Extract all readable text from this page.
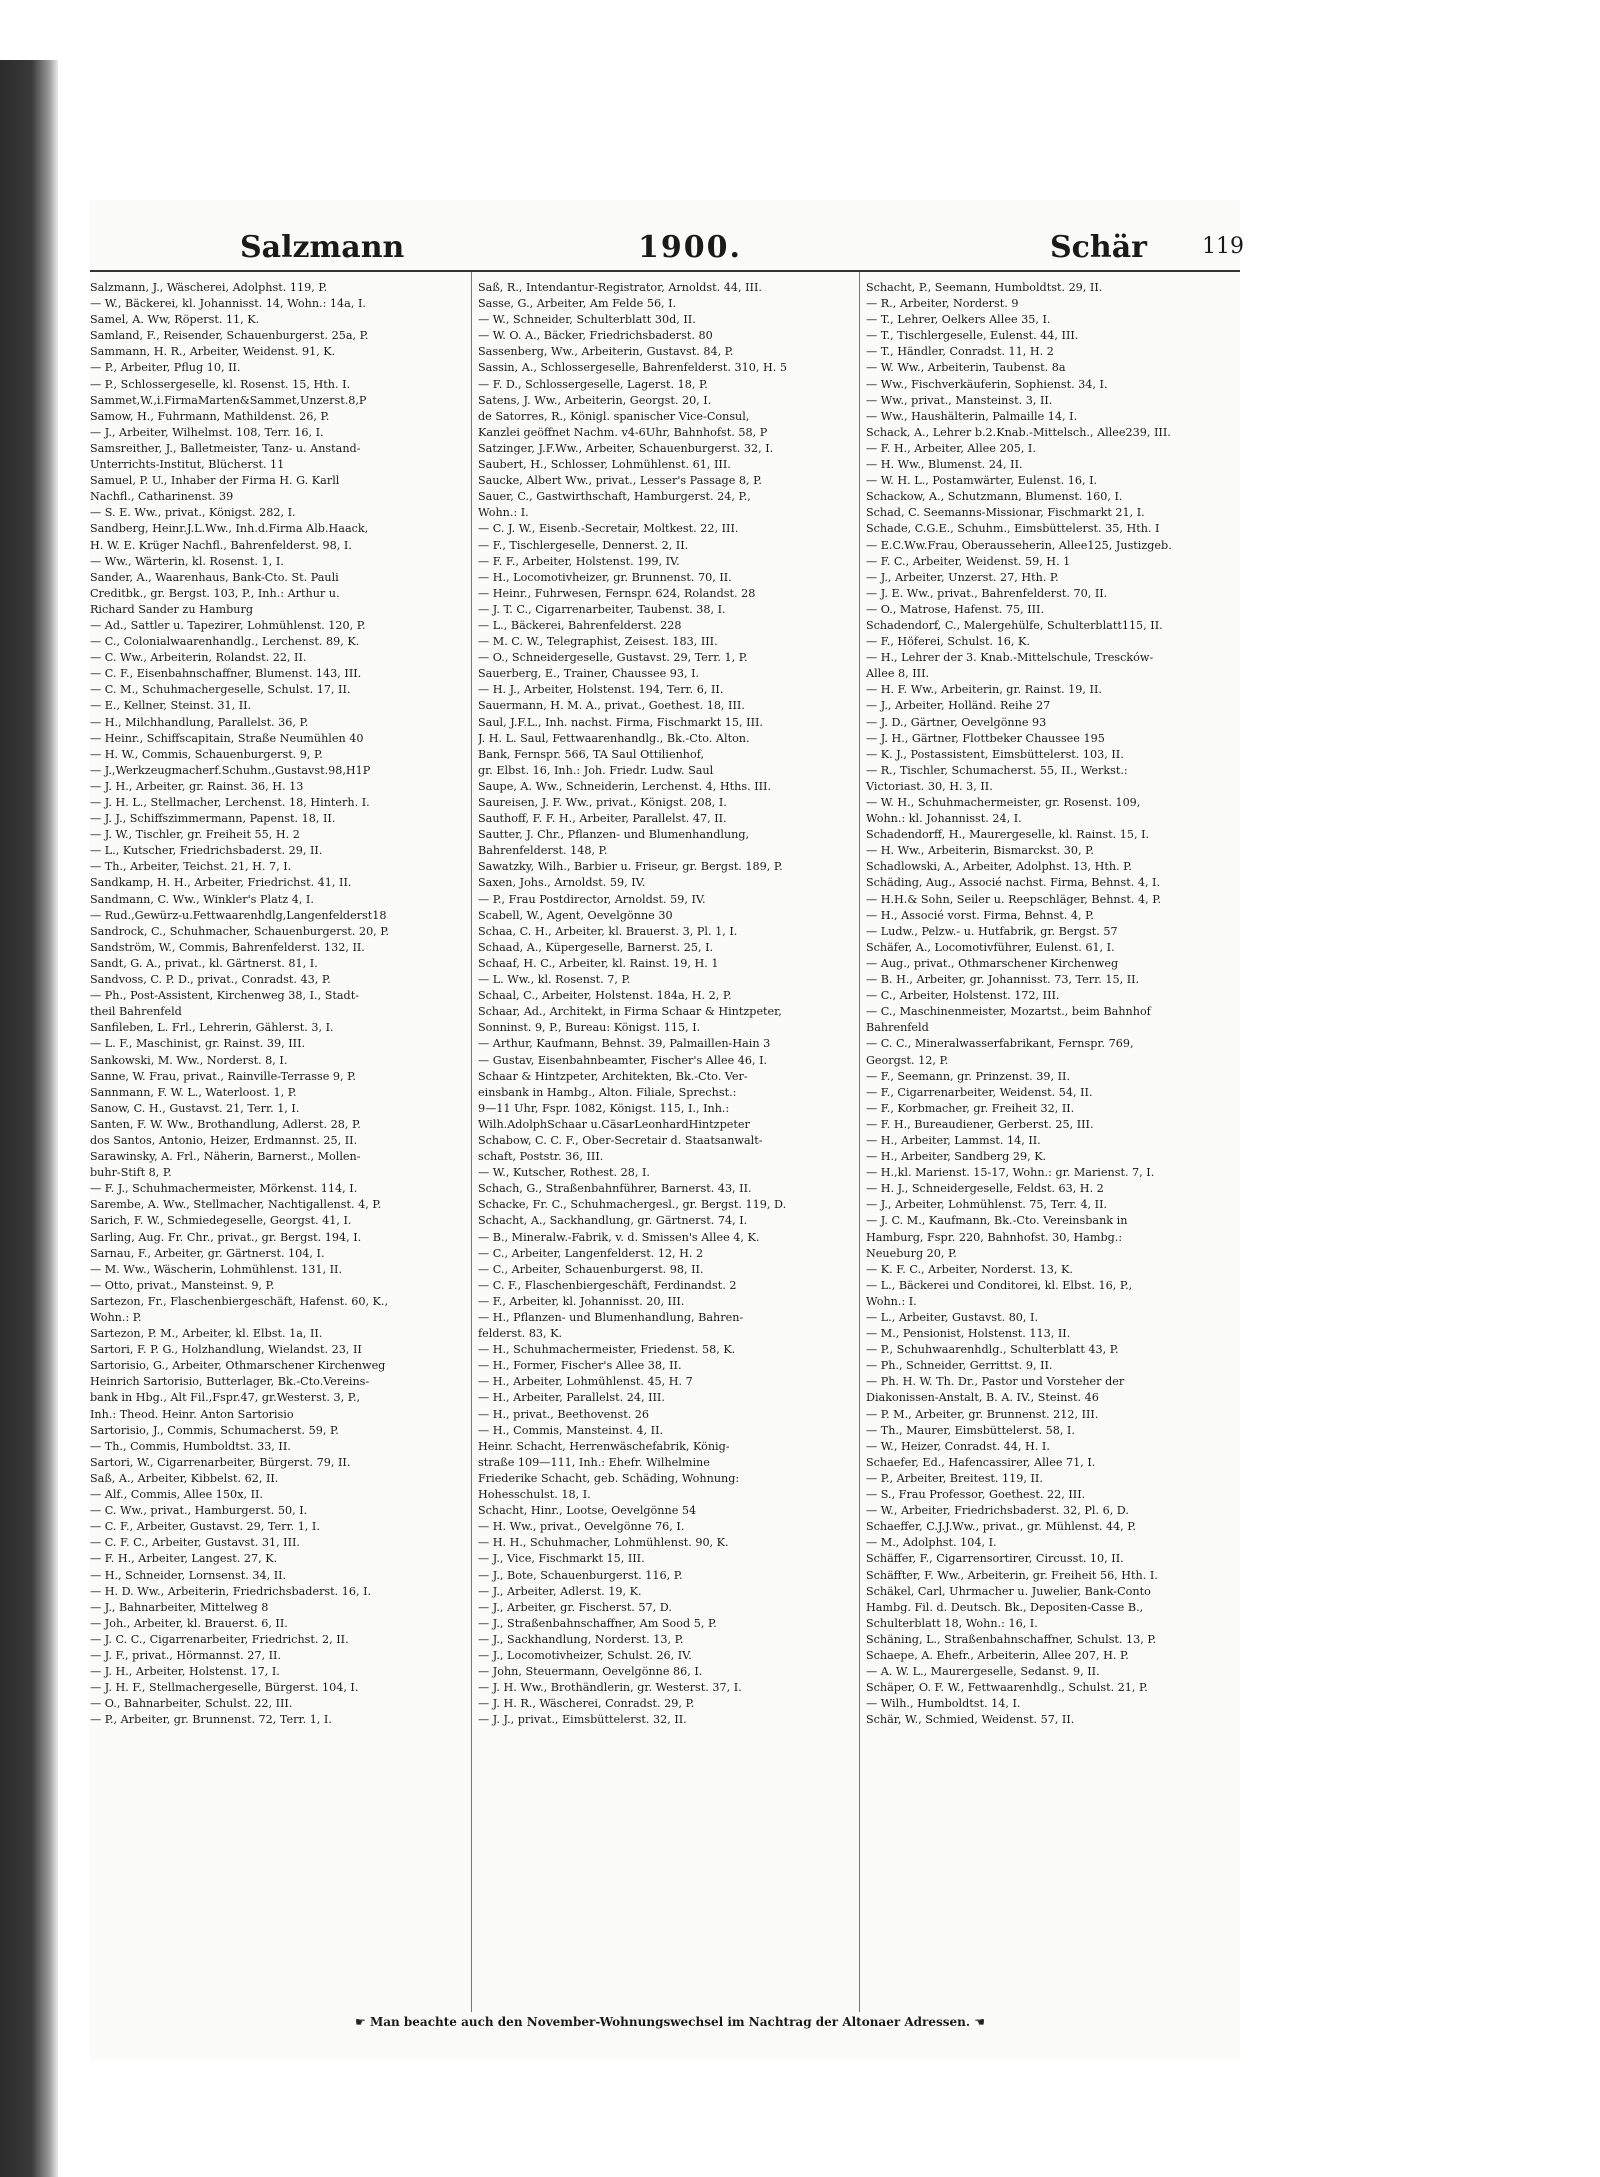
Salzmann	1900.	Schär	119
Salzmann, J., Wäscherei, Adolphst. 119, P.
— W., Bäckerei, kl. Johannisst. 14, Wohn.: 14a, I.
Samel, A. Ww, Röperst. 11, K.
Samland, F., Reisender, Schauenburgerst. 25a, P.
Sammann, H. R., Arbeiter, Weidenst. 91, K.
— P., Arbeiter, Pflug 10, II.
— P., Schlossergeselle, kl. Rosenst. 15, Hth. I.
Sammet,W.,i.FirmaMarten&Sammet,Unzerst.8,P
Samow, H., Fuhrmann, Mathildenst. 26, P.
— J., Arbeiter, Wilhelmst. 108, Terr. 16, I.
Samsreither, J., Balletmeister, Tanz- u. Anstand-
Unterrichts-Institut, Blücherst. 11
Samuel, P. U., Inhaber der Firma H. G. Karll
Nachfl., Catharinenst. 39
— S. E. Ww., privat., Königst. 282, I.
Sandberg, Heinr.J.L.Ww., Inh.d.Firma Alb.Haack,
H. W. E. Krüger Nachfl., Bahrenfelderst. 98, I.
— Ww., Wärterin, kl. Rosenst. 1, I.
Sander, A., Waarenhaus, Bank-Cto. St. Pauli
Creditbk., gr. Bergst. 103, P., Inh.: Arthur u.
Richard Sander zu Hamburg
— Ad., Sattler u. Tapezirer, Lohmühlenst. 120, P.
— C., Colonialwaarenhandlg., Lerchenst. 89, K.
— C. Ww., Arbeiterin, Rolandst. 22, II.
— C. F., Eisenbahnschaffner, Blumenst. 143, III.
— C. M., Schuhmachergeselle, Schulst. 17, II.
— E., Kellner, Steinst. 31, II.
— H., Milchhandlung, Parallelst. 36, P.
— Heinr., Schiffscapitain, Straße Neumühlen 40
— H. W., Commis, Schauenburgerst. 9, P.
— J.,Werkzeugmacherf.Schuhm.,Gustavst.98,H1P
— J. H., Arbeiter, gr. Rainst. 36, H. 13
— J. H. L., Stellmacher, Lerchenst. 18, Hinterh. I.
— J. J., Schiffszimmermann, Papenst. 18, II.
— J. W., Tischler, gr. Freiheit 55, H. 2
— L., Kutscher, Friedrichsbaderst. 29, II.
— Th., Arbeiter, Teichst. 21, H. 7, I.
Sandkamp, H. H., Arbeiter, Friedrichst. 41, II.
Sandmann, C. Ww., Winkler's Platz 4, I.
— Rud.,Gewürz-u.Fettwaarenhdlg,Langenfelderst18
Sandrock, C., Schuhmacher, Schauenburgerst. 20, P.
Sandström, W., Commis, Bahrenfelderst. 132, II.
Sandt, G. A., privat., kl. Gärtnerst. 81, I.
Sandvoss, C. P. D., privat., Conradst. 43, P.
— Ph., Post-Assistent, Kirchenweg 38, I., Stadt-
theil Bahrenfeld
Sanfileben, L. Frl., Lehrerin, Gählerst. 3, I.
— L. F., Maschinist, gr. Rainst. 39, III.
Sankowski, M. Ww., Norderst. 8, I.
Sanne, W. Frau, privat., Rainville-Terrasse 9, P.
Sannmann, F. W. L., Waterloost. 1, P.
Sanow, C. H., Gustavst. 21, Terr. 1, I.
Santen, F. W. Ww., Brothandlung, Adlerst. 28, P.
dos Santos, Antonio, Heizer, Erdmannst. 25, II.
Sarawinsky, A. Frl., Näherin, Barnerst., Mollen-
buhr-Stift 8, P.
— F. J., Schuhmachermeister, Mörkenst. 114, I.
Sarembe, A. Ww., Stellmacher, Nachtigallenst. 4, P.
Sarich, F. W., Schmiedegeselle, Georgst. 41, I.
Sarling, Aug. Fr. Chr., privat., gr. Bergst. 194, I.
Sarnau, F., Arbeiter, gr. Gärtnerst. 104, I.
— M. Ww., Wäscherin, Lohmühlenst. 131, II.
— Otto, privat., Mansteinst. 9, P.
Sartezon, Fr., Flaschenbiergeschäft, Hafenst. 60, K.,
Wohn.: P.
Sartezon, P. M., Arbeiter, kl. Elbst. 1a, II.
Sartori, F. P. G., Holzhandlung, Wielandst. 23, II
Sartorisio, G., Arbeiter, Othmarschener Kirchenweg
Heinrich Sartorisio, Butterlager, Bk.-Cto.Vereins-
bank in Hbg., Alt Fil.,Fspr.47, gr.Westerst. 3, P.,
Inh.: Theod. Heinr. Anton Sartorisio
Sartorisio, J., Commis, Schumacherst. 59, P.
— Th., Commis, Humboldtst. 33, II.
Sartori, W., Cigarrenarbeiter, Bürgerst. 79, II.
Saß, A., Arbeiter, Kibbelst. 62, II.
— Alf., Commis, Allee 150x, II.
— C. Ww., privat., Hamburgerst. 50, I.
— C. F., Arbeiter, Gustavst. 29, Terr. 1, I.
— C. F. C., Arbeiter, Gustavst. 31, III.
— F. H., Arbeiter, Langest. 27, K.
— H., Schneider, Lornsenst. 34, II.
— H. D. Ww., Arbeiterin, Friedrichsbaderst. 16, I.
— J., Bahnarbeiter, Mittelweg 8
— Joh., Arbeiter, kl. Brauerst. 6, II.
— J. C. C., Cigarrenarbeiter, Friedrichst. 2, II.
— J. F., privat., Hörmannst. 27, II.
— J. H., Arbeiter, Holstenst. 17, I.
— J. H. F., Stellmachergeselle, Bürgerst. 104, I.
— O., Bahnarbeiter, Schulst. 22, III.
— P., Arbeiter, gr. Brunnenst. 72, Terr. 1, I.
Saß, R., Intendantur-Registrator, Arnoldst. 44, III.
Sasse, G., Arbeiter, Am Felde 56, I.
— W., Schneider, Schulterblatt 30d, II.
— W. O. A., Bäcker, Friedrichsbaderst. 80
Sassenberg, Ww., Arbeiterin, Gustavst. 84, P.
Sassin, A., Schlossergeselle, Bahrenfelderst. 310, H. 5
— F. D., Schlossergeselle, Lagerst. 18, P.
Satens, J. Ww., Arbeiterin, Georgst. 20, I.
de Satorres, R., Königl. spanischer Vice-Consul,
Kanzlei geöffnet Nachm. v4-6Uhr, Bahnhofst. 58, P
Satzinger, J.F.Ww., Arbeiter, Schauenburgerst. 32, I.
Saubert, H., Schlosser, Lohmühlenst. 61, III.
Saucke, Albert Ww., privat., Lesser's Passage 8, P.
Sauer, C., Gastwirthschaft, Hamburgerst. 24, P.,
Wohn.: I.
— C. J. W., Eisenb.-Secretair, Moltkest. 22, III.
— F., Tischlergeselle, Dennerst. 2, II.
— F. F., Arbeiter, Holstenst. 199, IV.
— H., Locomotivheizer, gr. Brunnenst. 70, II.
— Heinr., Fuhrwesen, Fernspr. 624, Rolandst. 28
— J. T. C., Cigarrenarbeiter, Taubenst. 38, I.
— L., Bäckerei, Bahrenfelderst. 228
— M. C. W., Telegraphist, Zeisest. 183, III.
— O., Schneidergeselle, Gustavst. 29, Terr. 1, P.
Sauerberg, E., Trainer, Chaussee 93, I.
— H. J., Arbeiter, Holstenst. 194, Terr. 6, II.
Sauermann, H. M. A., privat., Goethest. 18, III.
Saul, J.F.L., Inh. nachst. Firma, Fischmarkt 15, III.
J. H. L. Saul, Fettwaarenhandlg., Bk.-Cto. Alton.
Bank, Fernspr. 566, TA Saul Ottilienhof,
gr. Elbst. 16, Inh.: Joh. Friedr. Ludw. Saul
Saupe, A. Ww., Schneiderin, Lerchenst. 4, Hths. III.
Saureisen, J. F. Ww., privat., Königst. 208, I.
Sauthoff, F. F. H., Arbeiter, Parallelst. 47, II.
Sautter, J. Chr., Pflanzen- und Blumenhandlung,
Bahrenfelderst. 148, P.
Sawatzky, Wilh., Barbier u. Friseur, gr. Bergst. 189, P.
Saxen, Johs., Arnoldst. 59, IV.
— P., Frau Postdirector, Arnoldst. 59, IV.
Scabell, W., Agent, Oevelgönne 30
Schaa, C. H., Arbeiter, kl. Brauerst. 3, Pl. 1, I.
Schaad, A., Küpergeselle, Barnerst. 25, I.
Schaaf, H. C., Arbeiter, kl. Rainst. 19, H. 1
— L. Ww., kl. Rosenst. 7, P.
Schaal, C., Arbeiter, Holstenst. 184a, H. 2, P.
Schaar, Ad., Architekt, in Firma Schaar & Hintzpeter,
Sonninst. 9, P., Bureau: Königst. 115, I.
— Arthur, Kaufmann, Behnst. 39, Palmaillen-Hain 3
— Gustav, Eisenbahnbeamter, Fischer's Allee 46, I.
Schaar & Hintzpeter, Architekten, Bk.-Cto. Ver-
einsbank in Hambg., Alton. Filiale, Sprechst.:
9—11 Uhr, Fspr. 1082, Königst. 115, I., Inh.:
Wilh.AdolphSchaar u.CäsarLeonhardHintzpeter
Schabow, C. C. F., Ober-Secretair d. Staatsanwalt-
schaft, Poststr. 36, III.
— W., Kutscher, Rothest. 28, I.
Schach, G., Straßenbahnführer, Barnerst. 43, II.
Schacke, Fr. C., Schuhmachergesl., gr. Bergst. 119, D.
Schacht, A., Sackhandlung, gr. Gärtnerst. 74, I.
— B., Mineralw.-Fabrik, v. d. Smissen's Allee 4, K.
— C., Arbeiter, Langenfelderst. 12, H. 2
— C., Arbeiter, Schauenburgerst. 98, II.
— C. F., Flaschenbiergeschäft, Ferdinandst. 2
— F., Arbeiter, kl. Johannisst. 20, III.
— H., Pflanzen- und Blumenhandlung, Bahren-
felderst. 83, K.
— H., Schuhmachermeister, Friedenst. 58, K.
— H., Former, Fischer's Allee 38, II.
— H., Arbeiter, Lohmühlenst. 45, H. 7
— H., Arbeiter, Parallelst. 24, III.
— H., privat., Beethovenst. 26
— H., Commis, Mansteinst. 4, II.
Heinr. Schacht, Herrenwäschefabrik, König-
straße 109—111, Inh.: Ehefr. Wilhelmine
Friederike Schacht, geb. Schäding, Wohnung:
Hohesschulst. 18, I.
Schacht, Hinr., Lootse, Oevelgönne 54
— H. Ww., privat., Oevelgönne 76, I.
— H. H., Schuhmacher, Lohmühlenst. 90, K.
— J., Vice, Fischmarkt 15, III.
— J., Bote, Schauenburgerst. 116, P.
— J., Arbeiter, Adlerst. 19, K.
— J., Arbeiter, gr. Fischerst. 57, D.
— J., Straßenbahnschaffner, Am Sood 5, P.
— J., Sackhandlung, Norderst. 13, P.
— J., Locomotivheizer, Schulst. 26, IV.
— John, Steuermann, Oevelgönne 86, I.
— J. H. Ww., Brothändlerin, gr. Westerst. 37, I.
— J. H. R., Wäscherei, Conradst. 29, P.
— J. J., privat., Eimsbüttelerst. 32, II.
Schacht, P., Seemann, Humboldtst. 29, II.
— R., Arbeiter, Norderst. 9
— T., Lehrer, Oelkers Allee 35, I.
— T., Tischlergeselle, Eulenst. 44, III.
— T., Händler, Conradst. 11, H. 2
— W. Ww., Arbeiterin, Taubenst. 8a
— Ww., Fischverkäuferin, Sophienst. 34, I.
— Ww., privat., Mansteinst. 3, II.
— Ww., Haushälterin, Palmaille 14, I.
Schack, A., Lehrer b.2.Knab.-Mittelsch., Allee239, III.
— F. H., Arbeiter, Allee 205, I.
— H. Ww., Blumenst. 24, II.
— W. H. L., Postamwärter, Eulenst. 16, I.
Schackow, A., Schutzmann, Blumenst. 160, I.
Schad, C. Seemanns-Missionar, Fischmarkt 21, I.
Schade, C.G.E., Schuhm., Eimsbüttelerst. 35, Hth. I
— E.C.Ww.Frau, Oberausseherin, Allee125, Justizgeb.
— F. C., Arbeiter, Weidenst. 59, H. 1
— J., Arbeiter, Unzerst. 27, Hth. P.
— J. E. Ww., privat., Bahrenfelderst. 70, II.
— O., Matrose, Hafenst. 75, III.
Schadendorf, C., Malergehülfe, Schulterblatt115, II.
— F., Höferei, Schulst. 16, K.
— H., Lehrer der 3. Knab.-Mittelschule, Trescków-
Allee 8, III.
— H. F. Ww., Arbeiterin, gr. Rainst. 19, II.
— J., Arbeiter, Holländ. Reihe 27
— J. D., Gärtner, Oevelgönne 93
— J. H., Gärtner, Flottbeker Chaussee 195
— K. J., Postassistent, Eimsbüttelerst. 103, II.
— R., Tischler, Schumacherst. 55, II., Werkst.:
Victoriast. 30, H. 3, II.
— W. H., Schuhmachermeister, gr. Rosenst. 109,
Wohn.: kl. Johannisst. 24, I.
Schadendorff, H., Maurergeselle, kl. Rainst. 15, I.
— H. Ww., Arbeiterin, Bismarckst. 30, P.
Schadlowski, A., Arbeiter, Adolphst. 13, Hth. P.
Schäding, Aug., Associé nachst. Firma, Behnst. 4, I.
— H.H.& Sohn, Seiler u. Reepschläger, Behnst. 4, P.
— H., Associé vorst. Firma, Behnst. 4, P.
— Ludw., Pelzw.- u. Hutfabrik, gr. Bergst. 57
Schäfer, A., Locomotivführer, Eulenst. 61, I.
— Aug., privat., Othmarschener Kirchenweg
— B. H., Arbeiter, gr. Johannisst. 73, Terr. 15, II.
— C., Arbeiter, Holstenst. 172, III.
— C., Maschinenmeister, Mozartst., beim Bahnhof
Bahrenfeld
— C. C., Mineralwasserfabrikant, Fernspr. 769,
Georgst. 12, P.
— F., Seemann, gr. Prinzenst. 39, II.
— F., Cigarrenarbeiter, Weidenst. 54, II.
— F., Korbmacher, gr. Freiheit 32, II.
— F. H., Bureaudiener, Gerberst. 25, III.
— H., Arbeiter, Lammst. 14, II.
— H., Arbeiter, Sandberg 29, K.
— H.,kl. Marienst. 15-17, Wohn.: gr. Marienst. 7, I.
— H. J., Schneidergeselle, Feldst. 63, H. 2
— J., Arbeiter, Lohmühlenst. 75, Terr. 4, II.
— J. C. M., Kaufmann, Bk.-Cto. Vereinsbank in
Hamburg, Fspr. 220, Bahnhofst. 30, Hambg.:
Neueburg 20, P.
— K. F. C., Arbeiter, Norderst. 13, K.
— L., Bäckerei und Conditorei, kl. Elbst. 16, P.,
Wohn.: I.
— L., Arbeiter, Gustavst. 80, I.
— M., Pensionist, Holstenst. 113, II.
— P., Schuhwaarenhdlg., Schulterblatt 43, P.
— Ph., Schneider, Gerrittst. 9, II.
— Ph. H. W. Th. Dr., Pastor und Vorsteher der
Diakonissen-Anstalt, B. A. IV., Steinst. 46
— P. M., Arbeiter, gr. Brunnenst. 212, III.
— Th., Maurer, Eimsbüttelerst. 58, I.
— W., Heizer, Conradst. 44, H. I.
Schaefer, Ed., Hafencassirer, Allee 71, I.
— P., Arbeiter, Breitest. 119, II.
— S., Frau Professor, Goethest. 22, III.
— W., Arbeiter, Friedrichsbaderst. 32, Pl. 6, D.
Schaeffer, C.J.J.Ww., privat., gr. Mühlenst. 44, P.
— M., Adolphst. 104, I.
Schäffer, F., Cigarrensortirer, Circusst. 10, II.
Schäffter, F. Ww., Arbeiterin, gr. Freiheit 56, Hth. I.
Schäkel, Carl, Uhrmacher u. Juwelier, Bank-Conto
Hambg. Fil. d. Deutsch. Bk., Depositen-Casse B.,
Schulterblatt 18, Wohn.: 16, I.
Schäning, L., Straßenbahnschaffner, Schulst. 13, P.
Schaepe, A. Ehefr., Arbeiterin, Allee 207, H. P.
— A. W. L., Maurergeselle, Sedanst. 9, II.
Schäper, O. F. W., Fettwaarenhdlg., Schulst. 21, P.
— Wilh., Humboldtst. 14, I.
Schär, W., Schmied, Weidenst. 57, II.
☛ Man beachte auch den November-Wohnungswechsel im Nachtrag der Altonaer Adressen. ☚
